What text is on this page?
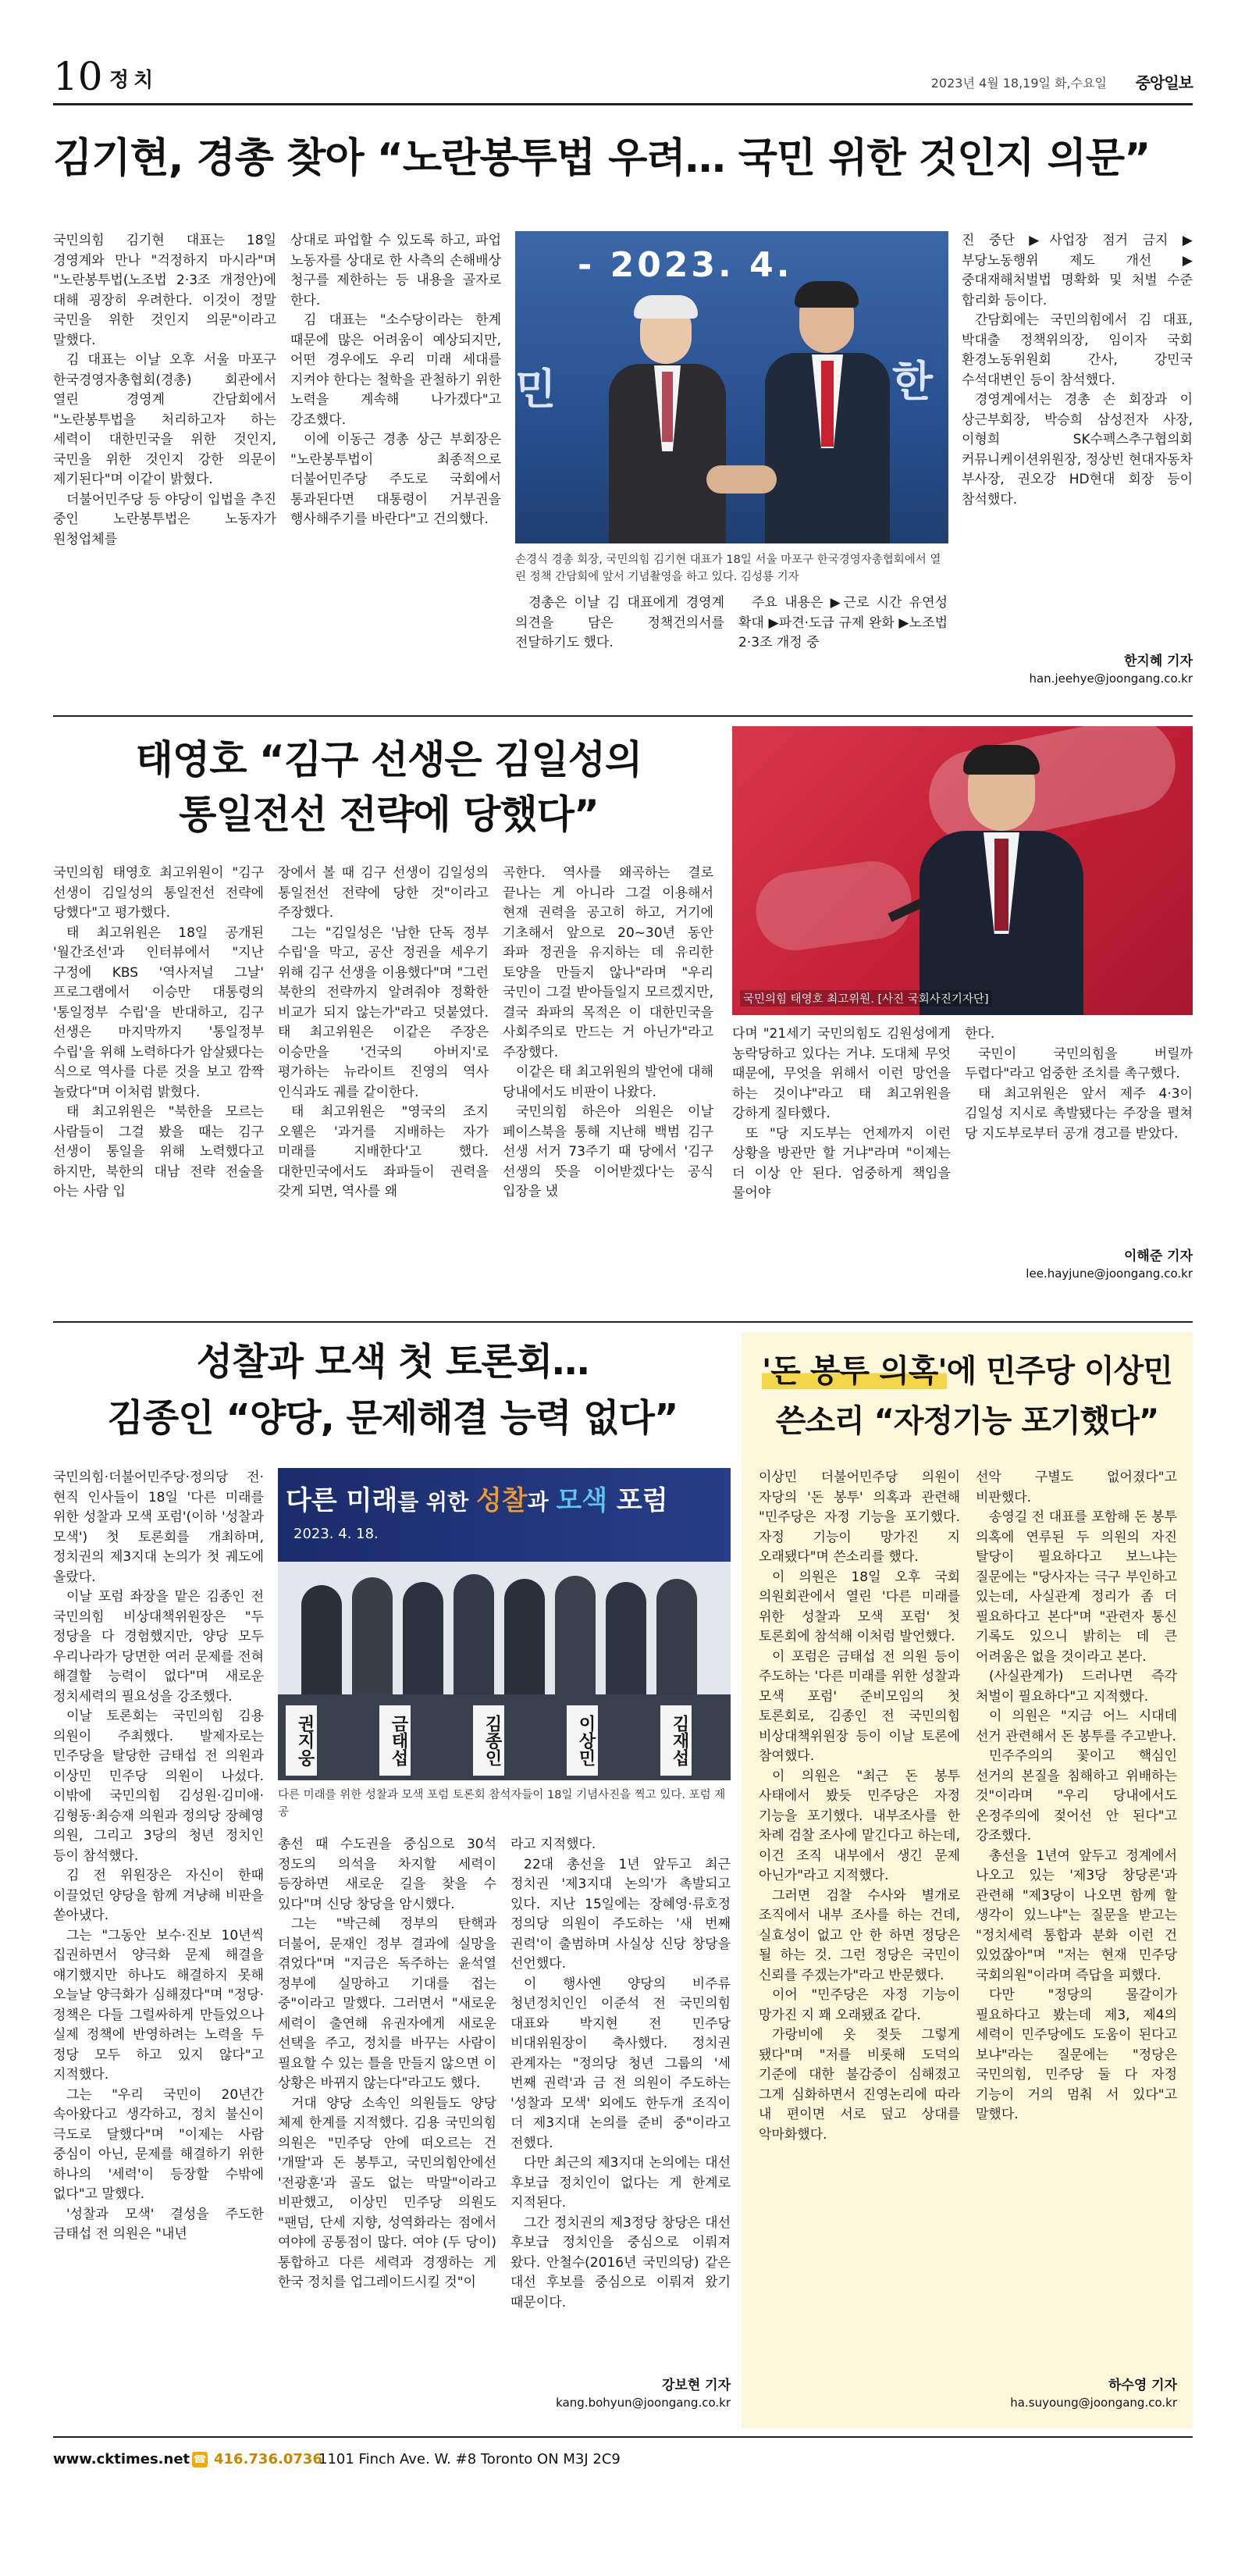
10 정치	2023년 4월 18,19일 화,수요일 중앙일보
김기현, 경총 찾아 “노란봉투법 우려… 국민 위한 것인지 의문”

국민의힘 김기현 대표는 18일 경영계와 만나 "걱정하지 마시라"며 "노란봉투법(노조법 2·3조 개정안)에 대해 굉장히 우려한다. 이것이 정말 국민을 위한 것인지 의문"이라고 말했다.

김 대표는 이날 오후 서울 마포구 한국경영자총협회(경총) 회관에서 열린 경영계 간담회에서 "노란봉투법을 처리하고자 하는 세력이 대한민국을 위한 것인지, 국민을 위한 것인지 강한 의문이 제기된다"며 이같이 밝혔다.

더불어민주당 등 야당이 입법을 추진 중인 노란봉투법은 노동자가 원청업체를

상대로 파업할 수 있도록 하고, 파업 노동자를 상대로 한 사측의 손해배상 청구를 제한하는 등 내용을 골자로 한다.

김 대표는 "소수당이라는 한계 때문에 많은 어려움이 예상되지만, 어떤 경우에도 우리 미래 세대를 지켜야 한다는 철학을 관철하기 위한 노력을 계속해 나가겠다"고 강조했다.

이에 이동근 경총 상근 부회장은 "노란봉투법이 최종적으로 더불어민주당 주도로 국회에서 통과된다면 대통령이 거부권을 행사해주기를 바란다"고 건의했다.

- 2023. 4.
민	한
손경식 경총 회장, 국민의힘 김기현 대표가 18일 서울 마포구 한국경영자총협회에서 열린 정책 간담회에 앞서 기념촬영을 하고 있다. 김성룡 기자

경총은 이날 김 대표에게 경영계 의견을 담은 정책건의서를 전달하기도 했다.

주요 내용은 ▶근로 시간 유연성 확대 ▶파견·도급 규제 완화 ▶노조법 2·3조 개정 중

진 중단 ▶사업장 점거 금지 ▶부당노동행위 제도 개선 ▶중대재해처벌법 명확화 및 처벌 수준 합리화 등이다.

간담회에는 국민의힘에서 김 대표, 박대출 정책위의장, 임이자 국회 환경노동위원회 간사, 강민국 수석대변인 등이 참석했다.

경영계에서는 경총 손 회장과 이 상근부회장, 박승희 삼성전자 사장, 이형희 SK수펙스추구협의회 커뮤니케이션위원장, 정상빈 현대자동차 부사장, 권오강 HD현대 회장 등이 참석했다.

한지혜 기자
han.jeehye@joongang.co.kr
태영호 “김구 선생은 김일성의
통일전선 전략에 당했다”
국민의힘 태영호 최고위원. [사진 국회사진기자단]

국민의힘 태영호 최고위원이 "김구 선생이 김일성의 통일전선 전략에 당했다"고 평가했다.

태 최고위원은 18일 공개된 '월간조선'과 인터뷰에서 "지난 구정에 KBS '역사저널 그날' 프로그램에서 이승만 대통령의 '통일정부 수립'을 반대하고, 김구 선생은 마지막까지 '통일정부 수립'을 위해 노력하다가 암살됐다는 식으로 역사를 다룬 것을 보고 깜짝 놀랐다"며 이처럼 밝혔다.

태 최고위원은 "북한을 모르는 사람들이 그걸 봤을 때는 김구 선생이 통일을 위해 노력했다고 하지만, 북한의 대남 전략 전술을 아는 사람 입

장에서 볼 때 김구 선생이 김일성의 통일전선 전략에 당한 것"이라고 주장했다.

그는 "김일성은 '남한 단독 정부 수립'을 막고, 공산 정권을 세우기 위해 김구 선생을 이용했다"며 "그런 북한의 전략까지 알려줘야 정확한 비교가 되지 않는가"라고 덧붙였다. 태 최고위원은 이같은 주장은 이승만을 '건국의 아버지'로 평가하는 뉴라이트 진영의 역사 인식과도 궤를 같이한다.

태 최고위원은 "영국의 조지 오웰은 '과거를 지배하는 자가 미래를 지배한다'고 했다. 대한민국에서도 좌파들이 권력을 갖게 되면, 역사를 왜

곡한다. 역사를 왜곡하는 결로 끝나는 게 아니라 그걸 이용해서 현재 권력을 공고히 하고, 거기에 기초해서 앞으로 20~30년 동안 좌파 정권을 유지하는 데 유리한 토양을 만들지 않나"라며 "우리 국민이 그걸 받아들일지 모르겠지만, 결국 좌파의 목적은 이 대한민국을 사회주의로 만드는 거 아닌가"라고 주장했다.

이같은 태 최고위원의 발언에 대해 당내에서도 비판이 나왔다.

국민의힘 하은아 의원은 이날 페이스북을 통해 지난해 백범 김구 선생 서거 73주기 때 당에서 '김구 선생의 뜻을 이어받겠다'는 공식 입장을 냈

다며 "21세기 국민의힘도 김원성에게 농락당하고 있다는 거냐. 도대체 무엇 때문에, 무엇을 위해서 이런 망언을 하는 것이냐"라고 태 최고위원을 강하게 질타했다.

또 "당 지도부는 언제까지 이런 상황을 방관만 할 거냐"라며 "이제는 더 이상 안 된다. 엄중하게 책임을 물어야

한다.

국민이 국민의힘을 버릴까 두렵다"라고 엄중한 조치를 촉구했다.

태 최고위원은 앞서 제주 4·3이 김일성 지시로 촉발됐다는 주장을 펼쳐 당 지도부로부터 공개 경고를 받았다.

이해준 기자
lee.hayjune@joongang.co.kr
성찰과 모색 첫 토론회…
김종인 “양당, 문제해결 능력 없다”
다른 미래를 위한 성찰과 모색 포럼
2023. 4. 18.
권지웅	금태섭	김종인	이상민	김재섭
다른 미래를 위한 성찰과 모색 포럼 토론회 참석자들이 18일 기념사진을 찍고 있다. 포럼 제공

국민의힘·더불어민주당·정의당 전·현직 인사들이 18일 '다른 미래를 위한 성찰과 모색 포럼'(이하 '성찰과 모색') 첫 토론회를 개최하며, 정치권의 제3지대 논의가 첫 궤도에 올랐다.

이날 포럼 좌장을 맡은 김종인 전 국민의힘 비상대책위원장은 "두 정당을 다 경험했지만, 양당 모두 우리나라가 당면한 여러 문제를 전혀 해결할 능력이 없다"며 새로운 정치세력의 필요성을 강조했다.

이날 토론회는 국민의힘 김용 의원이 주최했다. 발제자로는 민주당을 탈당한 금태섭 전 의원과 이상민 민주당 의원이 나섰다. 이밖에 국민의힘 김성원·김미애·김형동·최승재 의원과 정의당 장혜영 의원, 그리고 3당의 청년 정치인 등이 참석했다.

김 전 위원장은 자신이 한때 이끌었던 양당을 함께 겨냥해 비판을 쏟아냈다.

그는 "그동안 보수·진보 10년씩 집권하면서 양극화 문제 해결을 얘기했지만 하나도 해결하지 못해 오늘날 양극화가 심해졌다"며 "정당·정책은 다들 그럴싸하게 만들었으나 실제 정책에 반영하려는 노력을 두 정당 모두 하고 있지 않다"고 지적했다.

그는 "우리 국민이 20년간 속아왔다고 생각하고, 정치 불신이 극도로 달했다"며 "이제는 사람 중심이 아닌, 문제를 해결하기 위한 하나의 '세력'이 등장할 수밖에 없다"고 말했다.

'성찰과 모색' 결성을 주도한 금태섭 전 의원은 "내년

총선 때 수도권을 중심으로 30석 정도의 의석을 차지할 세력이 등장하면 새로운 길을 찾을 수 있다"며 신당 창당을 암시했다.

그는 "박근혜 정부의 탄핵과 더불어, 문재인 정부 결과에 실망을 겪었다"며 "지금은 독주하는 윤석열 정부에 실망하고 기대를 접는 중"이라고 말했다. 그러면서 "새로운 세력이 출연해 유권자에게 새로운 선택을 주고, 정치를 바꾸는 사람이 필요할 수 있는 틀을 만들지 않으면 이 상황은 바뀌지 않는다"라고도 했다.

거대 양당 소속인 의원들도 양당 체제 한계를 지적했다. 김용 국민의힘 의원은 "민주당 안에 떠오르는 건 '개딸'과 돈 봉투고, 국민의힘안에선 '전광훈'과 골도 없는 막말"이라고 비판했고, 이상민 민주당 의원도 "팬덤, 단세 지향, 성역화라는 점에서 여야에 공통점이 많다. 여야 (두 당이) 통합하고 다른 세력과 경쟁하는 게 한국 정치를 업그레이드시킬 것"이

라고 지적했다.

22대 총선을 1년 앞두고 최근 정치권 '제3지대 논의'가 촉발되고 있다. 지난 15일에는 장혜영·류호정 정의당 의원이 주도하는 '새 번째 권력'이 출범하며 사실상 신당 창당을 선언했다.

이 행사엔 양당의 비주류 청년정치인인 이준석 전 국민의힘 대표와 박지현 전 민주당 비대위원장이 축사했다. 정치권 관계자는 "정의당 청년 그룹의 '세 번째 권력'과 금 전 의원이 주도하는 '성찰과 모색' 외에도 한두개 조직이 더 제3지대 논의를 준비 중"이라고 전했다.

다만 최근의 제3지대 논의에는 대선 후보급 정치인이 없다는 게 한계로 지적된다.

그간 정치권의 제3정당 창당은 대선 후보급 정치인을 중심으로 이뤄져 왔다. 안철수(2016년 국민의당) 같은 대선 후보를 중심으로 이뤄져 왔기 때문이다.

강보현 기자
kang.bohyun@joongang.co.kr
'돈 봉투 의혹'에 민주당 이상민
쓴소리 “자정기능 포기했다”

이상민 더불어민주당 의원이 자당의 '돈 봉투' 의혹과 관련해 "민주당은 자정 기능을 포기했다. 자정 기능이 망가진 지 오래됐다"며 쓴소리를 했다.

이 의원은 18일 오후 국회 의원회관에서 열린 '다른 미래를 위한 성찰과 모색 포럼' 첫 토론회에 참석해 이처럼 발언했다.

이 포럼은 금태섭 전 의원 등이 주도하는 '다른 미래를 위한 성찰과 모색 포럼' 준비모임의 첫 토론회로, 김종인 전 국민의힘 비상대책위원장 등이 이날 토론에 참여했다.

이 의원은 "최근 돈 봉투 사태에서 봤듯 민주당은 자정 기능을 포기했다. 내부조사를 한 차례 검찰 조사에 맡긴다고 하는데, 이건 조직 내부에서 생긴 문제 아닌가"라고 지적했다.

그러면 검찰 수사와 별개로 조직에서 내부 조사를 하는 건데, 실효성이 없고 안 한 하면 정당은 될 하는 것. 그런 정당은 국민이 신뢰를 주겠는가"라고 반문했다.

이어 "민주당은 자정 기능이 망가진 지 꽤 오래됐죠 같다.

가랑비에 옷 젖듯 그렇게 됐다"며 "저를 비롯해 도덕의 기준에 대한 불감증이 심해졌고 그게 심화하면서 진영논리에 따라 내 편이면 서로 덮고 상대를 악마화했다.

선악 구별도 없어졌다"고 비판했다.

송영길 전 대표를 포함해 돈 봉투 의혹에 연루된 두 의원의 자진 탈당이 필요하다고 보느냐는 질문에는 "당사자는 극구 부인하고 있는데, 사실관계 정리가 좀 더 필요하다고 본다"며 "관련자 통신 기록도 있으니 밝히는 데 큰 어려움은 없을 것이라고 본다.

(사실관계가) 드러나면 즉각 처벌이 필요하다"고 지적했다.

이 의원은 "지금 어느 시대데 선거 관련해서 돈 봉투를 주고받나.

민주주의의 꽃이고 핵심인 선거의 본질을 침해하고 위배하는 것"이라며 "우리 당내에서도 온정주의에 젖어선 안 된다"고 강조했다.

총선을 1년여 앞두고 정계에서 나오고 있는 '제3당 창당론'과 관련해 "제3당이 나오면 함께 할 생각이 있느냐"는 질문을 받고는 "정치세력 통합과 분화 이런 건 있었잖아"며 "저는 현재 민주당 국회의원"이라며 즉답을 피했다.

다만 "정당의 물갈이가 필요하다고 봤는데 제3, 제4의 세력이 민주당에도 도움이 된다고 보냐"라는 질문에는 "정당은 국민의힘, 민주당 둘 다 자정 기능이 거의 멈춰 서 있다"고 말했다.

하수영 기자
ha.suyoung@joongang.co.kr
www.cktimes.net ☎ 416.736.0736
1101 Finch Ave. W. #8 Toronto ON M3J 2C9
